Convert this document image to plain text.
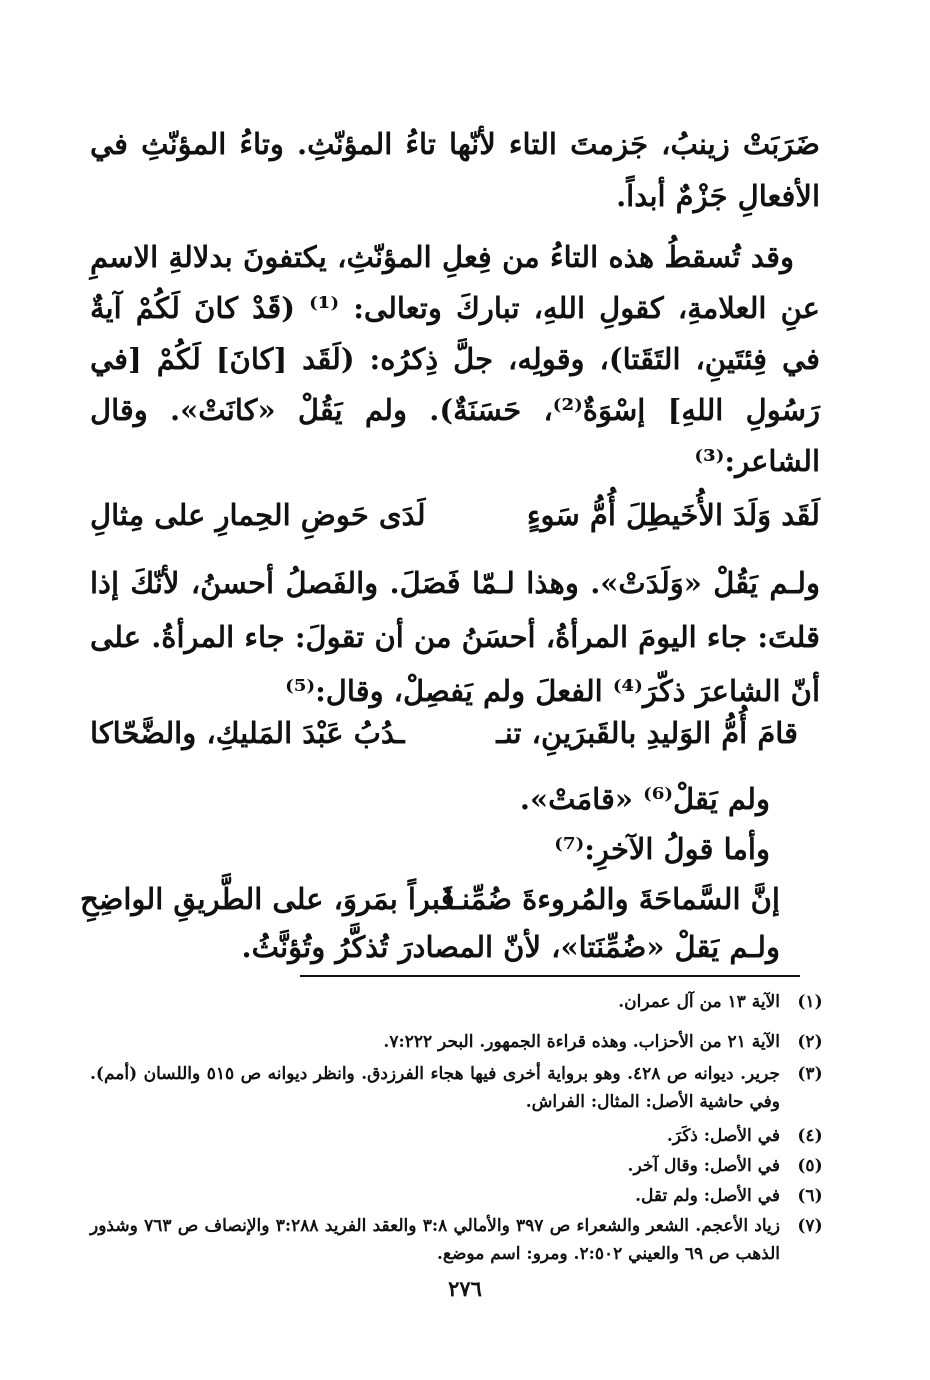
ضَرَبَتْ زينبُ، جَزمتَ التاء لأنّها تاءُ المؤنّثِ. وتاءُ المؤنّثِ في الأفعالِ جَزْمٌ أبداً.

وقد تُسقطُ هذه التاءُ من فِعلِ المؤنّثِ، يكتفونَ بدلالةِ الاسمِ عنِ العلامةِ، كقولِ اللهِ، تباركَ وتعالى: ⁽¹⁾ (قَدْ كانَ لَكُمْ آيةٌ في فِئتَينِ، التَقَتا)، وقولِه، جلَّ ذِكرُه: (لَقَد [كانَ] لَكُمْ [في رَسُولِ اللهِ] إسْوَةٌ⁽²⁾، حَسَنَةٌ). ولم يَقُلْ «كانَتْ». وقال الشاعر:⁽³⁾

لَقَد وَلَدَ الأُخَيطِلَ أُمُّ سَوءٍ
لَدَى حَوضِ الحِمارِ على مِثالِ

ولـم يَقُلْ «وَلَدَتْ». وهذا لـمّا فَصَلَ. والفَصلُ أحسنُ، لأنّكَ إذا قلتَ: جاء اليومَ المرأةُ، أحسَنُ من أن تقولَ: جاء المرأةُ. على أنّ الشاعرَ ذكّرَ⁽⁴⁾ الفعلَ ولم يَفصِلْ، وقال:⁽⁵⁾

قامَ أُمُّ الوَليدِ بالقَبرَينِ، تنـ
ـدُبُ عَبْدَ المَليكِ، والضَّحّاكا
ولم يَقلْ⁽⁶⁾ «قامَتْ».
وأما قولُ الآخرِ:⁽⁷⁾
إنَّ السَّماحَةَ والمُروءةَ ضُمِّنـا
قَبراً بمَروَ، على الطَّريقِ الواضِحِ
ولـم يَقلْ «ضُمِّنَتا»، لأنّ المصادرَ تُذكَّرُ وتُؤنَّثُ.
(١)
الآية ١٣ من آل عمران.
(٢)
الآية ٢١ من الأحزاب. وهذه قراءة الجمهور. البحر ٧:٢٢٢.
(٣)
جرير. ديوانه ص ٤٢٨. وهو برواية أخرى فيها هجاء الفرزدق. وانظر ديوانه ص ٥١٥ واللسان (أمم). وفي حاشية الأصل: المثال: الفراش.
(٤)
في الأصل: ذكَرَ.
(٥)
في الأصل: وقال آخر.
(٦)
في الأصل: ولم تقل.
(٧)
زياد الأعجم. الشعر والشعراء ص ٣٩٧ والأمالي ٣:٨ والعقد الفريد ٣:٢٨٨ والإنصاف ص ٧٦٣ وشذور الذهب ص ٦٩ والعيني ٢:٥٠٢. ومرو: اسم موضع.
٢٧٦
